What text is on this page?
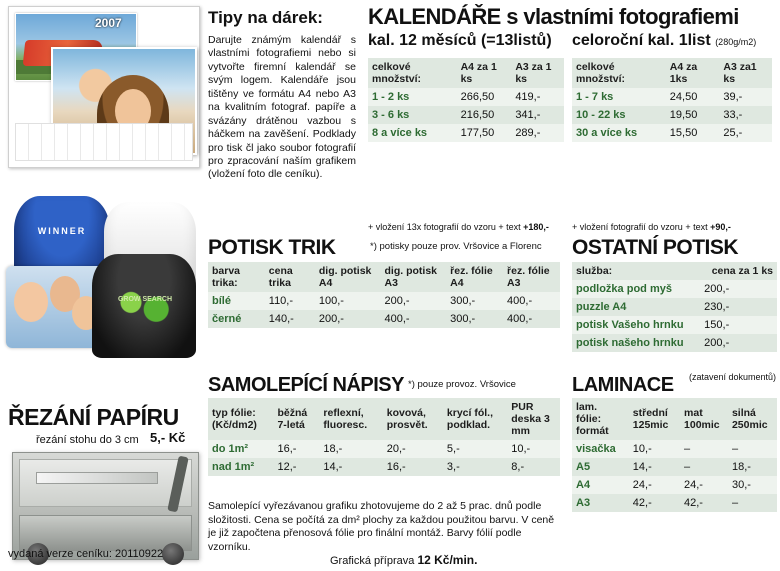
2007
WINNER
GROW SEARCH
Tipy na dárek:

Darujte známým kalendář s vlastními fotografiemi nebo si vytvořte firemní kalendář se svým logem. Kalendáře jsou tištěny ve formátu A4 nebo A3 na kvalitním fotograf. papíře a svázány drátěnou vazbou s háčkem na zavěšení. Podklady pro tisk čl jako soubor fotografií pro zpracování naším grafikem (vložení foto dle ceníku).

KALENDÁŘE s vlastními fotografiemi
kal. 12 měsíců (=13listů) celoroční kal. 1list (280g/m2)
celkové množství:	A4 za 1 ks	A3 za 1 ks
1 - 2 ks	266,50	419,-
3 - 6 ks	216,50	341,-
8 a více ks	177,50	289,-
+ vložení 13x fotografií do vzoru + text +180,-
celkové množství:	A4 za 1ks	A3 za1 ks
1 - 7 ks	24,50	39,-
10 - 22 ks	19,50	33,-
30 a více ks	15,50	25,-
+ vložení fotografií do vzoru + text +90,-
POTISK TRIK	*) potisky pouze prov. Vršovice a Florenc
barva trika:	cena trika	dig. potisk A4	dig. potisk A3	řez. fólie A4	řez. fólie A3
bílé	110,-	100,-	200,-	300,-	400,-
černé	140,-	200,-	400,-	300,-	400,-
OSTATNÍ POTISK
služba:	cena za 1 ks
podložka pod myš	200,-
puzzle A4	230,-
potisk Vašeho hrnku	150,-
potisk našeho hrnku	200,-
ŘEZÁNÍ PAPÍRU
řezání stohu do 3 cm 5,- Kč
SAMOLEPÍCÍ NÁPISY *) pouze provoz. Vršovice
typ fólie: (Kč/dm2)	běžná 7-letá	reflexní, fluoresc.	kovová, prosvět.	krycí fól., podklad.	PUR deska 3 mm
do 1m²	16,-	18,-	20,-	5,-	10,-
nad 1m²	12,-	14,-	16,-	3,-	8,-
Samolepící vyřezávanou grafiku zhotovujeme do 2 až 5 prac. dnů podle složitosti. Cena se počítá za dm² plochy za každou použitou barvu. V ceně je již započtena přenosová fólie pro finální montáž. Barvy fólií podle vzorníku.
Grafická příprava 12 Kč/min.
LAMINACE	(zatavení dokumentů)
lam. fólie: formát	střední 125mic	mat 100mic	silná 250mic
visačka	10,-	–	–
A5	14,-	–	18,-
A4	24,-	24,-	30,-
A3	42,-	42,-	–
vydaná verze ceníku: 20110922
